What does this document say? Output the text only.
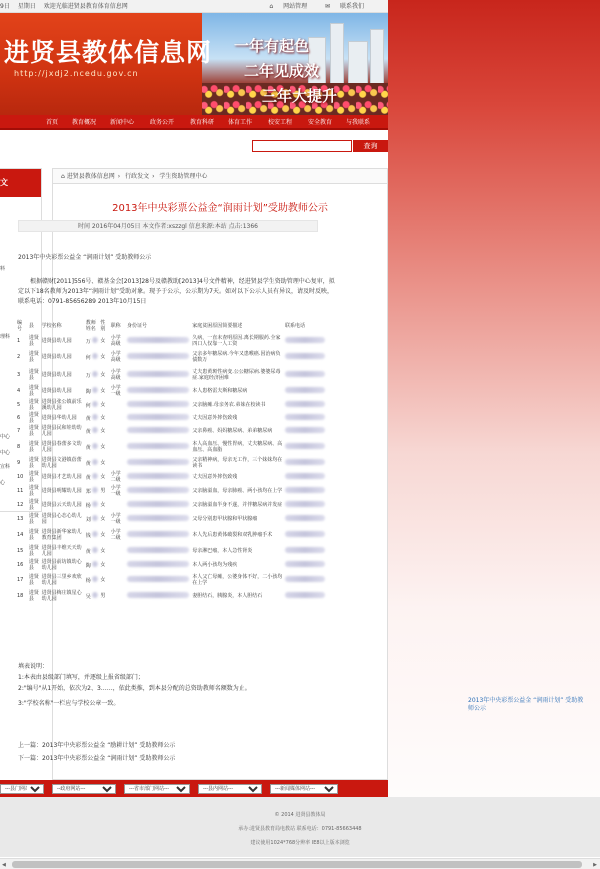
9日 星期日 欢迎光临进贤县教育体育信息网	⌂ 网站管理	✉ 联系我们
进贤县教体信息网
http://jxdj2.ncedu.gov.cn
一年有起色
二年见成效
三年大提升
首页 教育概况 新闻中心	政务公开	教育科研 体育工作	校安工程	安全教育 与我联系
查询
文
料
理科
中心
中心
宣科
心
⌂ 进贤县教体信息网 › 行政发文 › 学生资助管理中心
2013年中央彩票公益金“润雨计划”受助教师公示
时间 2016年04月05日 本文作者:xszzgl 信息来源:本站 点击:1366
2013年中央彩票公益金 “润雨计划” 受助教师公示
根据赣财[2011]556号、赣基金会[2013]28号及赣教助[2013]4号文件精神，经进贤县学生资助管理中心复审，拟定以下18名教师为2013年“润雨计划”受助对象。现予于公示，公示期为7天。如对以下公示人员有异议，请及时反映，联系电话：0791-85656289 2013年10月15日
编号	县	学校名称	教师姓名	性别	职称	身份证号	家庭贫困原因简要描述	联系电话
1	进贤县	进贤县幼儿园	万	女	小学高级		久病，一直未查明原因.离长期服药.全家四口人仅靠一人工资	
2	进贤县	进贤县幼儿园	何	女	小学高级		父亲多年糖尿病.今年又患喉癌.因治病负债数万	
3	进贤县	进贤县幼儿园	万	女	小学高级		丈夫患黄斑性病变.公公糖尿病.婆婆尿毒症.家庭经济困难	
4	进贤县	进贤县幼儿园	陶	女	小学一级		本人患格雷夫斯和糖尿病	
5	进贤县	进贤县张公镇前乐溪幼儿园	何	女			父亲脑瘫.母亲务农.弟妹在校读书	
6	进贤县	进贤县华幼儿园	黄	女			丈夫因意外摔伤致残	
7	进贤县	进贤县民和娃幼幼儿园	黄	女			父亲鼻癌、妈妈糖尿病、弟弟糖尿病	
8	进贤县	进贤县春蕾多文幼儿园	黄	女			本人高血压、慢性胃病，丈夫糖尿病、高血压、高血脂	
9	进贤县	进贤县文港镇蓓蕾幼儿园	黄	女			父亲精神病，母亲无工作，三个妹妹均在读书	
10	进贤县	进贤县才艺幼儿园	黄	女	小学二级		丈夫因意外摔伤致残	
11	进贤县	进贤县明耀幼儿园	郑	男	小学一级		父亲脑溢血，母亲肺癌、两小孩均在上学	
12	进贤县	进贤县云天幼儿园	杨	女			父亲脑溢血半身不遂，并伴糖尿病并发症	
13	进贤县	进贤县心态心幼儿园	刘	女	小学一级		父母分别患甲状腺和甲状腺瘤	
14	进贤县	进贤县新华家幼儿教育集团	钱	女	小学二级		本人先后患黄体破裂和双乳肿瘤手术	
15	进贤县	进贤县丰维天天幼儿园	黄	女			母亲淋巴瘤，本人急性肾炎	
16	进贤县	进贤县前坊镇幼心幼儿园	陶	女			本人两小孩均为残疾	
17	进贤县	进贤县三里乡欢欣幼儿园	杨	女			本人父亡母瘫，公婆身体不好，二小孩均在上学	
18	进贤县	进贤县梅庄镇星心幼儿园	吴	男			妻胆结石，胰腺炎，本人胆结石	
填表说明：
1:本表由县级部门填写，并逐级上报省级部门；
2:"编号"从1开始，依次为2、3……，依此类推，到本县分配的总资助教师名额数为止。
3:"学校名称"一栏应与学校公章一致。
上一篇：2013年中央彩票公益金 “励耕计划” 受助教师公示
下一篇：2013年中央彩票公益金 “润雨计划” 受助教师公示
2013年中央彩票公益金 “润雨计划” 受助教师公示
---县门网站---
--政府网站---
---省市部门网站---
---县内网站---
---新闻媒体网站---
© 2014 进贤县教体局
承办:进贤县教育局电教站 联系电话：0791-85663448
建议使用1024*768分辨率 IE8以上版本浏览
◀	▶
